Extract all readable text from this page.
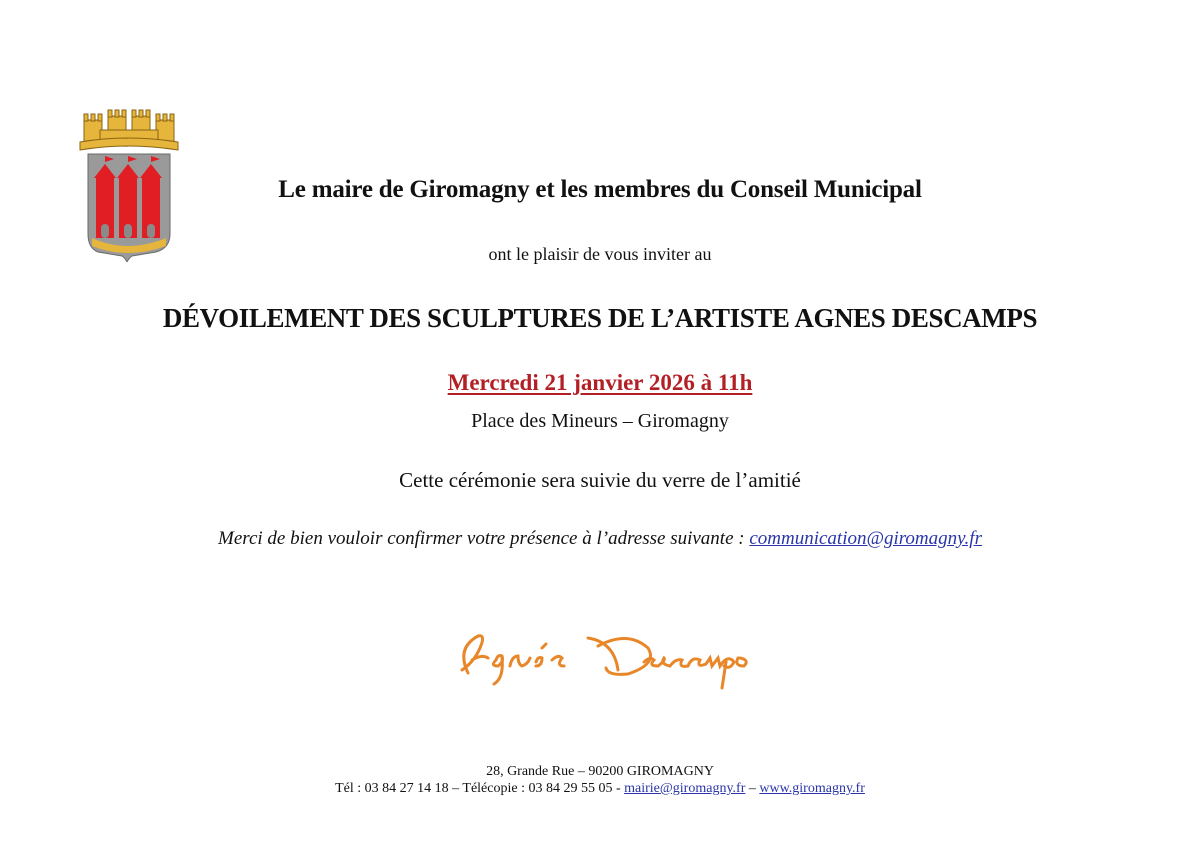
Le maire de Giromagny et les membres du Conseil Municipal
ont le plaisir de vous inviter au
DÉVOILEMENT DES SCULPTURES DE L’ARTISTE AGNES DESCAMPS
Mercredi 21 janvier 2026 à 11h
Place des Mineurs – Giromagny
Cette cérémonie sera suivie du verre de l’amitié
Merci de bien vouloir confirmer votre présence à l’adresse suivante : communication@giromagny.fr
28, Grande Rue – 90200 GIROMAGNY
Tél : 03 84 27 14 18 – Télécopie : 03 84 29 55 05 - mairie@giromagny.fr – www.giromagny.fr
